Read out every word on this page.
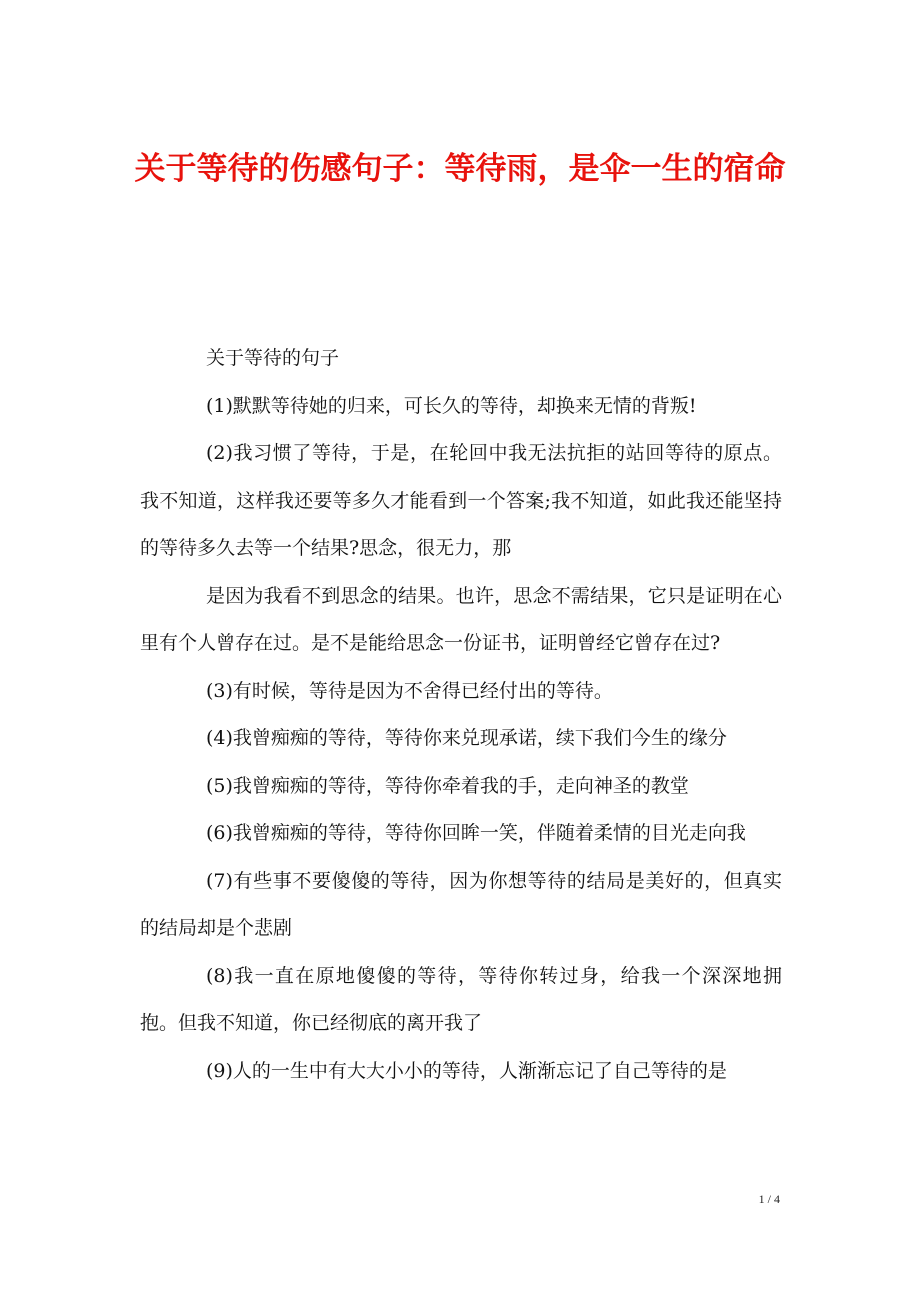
关于等待的伤感句子：等待雨，是伞一生的宿命

关于等待的句子

(1)默默等待她的归来，可长久的等待，却换来无情的背叛!

(2)我习惯了等待，于是，在轮回中我无法抗拒的站回等待的原点。我不知道，这样我还要等多久才能看到一个答案;我不知道，如此我还能坚持的等待多久去等一个结果?思念，很无力，那

是因为我看不到思念的结果。也许，思念不需结果，它只是证明在心里有个人曾存在过。是不是能给思念一份证书，证明曾经它曾存在过?

(3)有时候，等待是因为不舍得已经付出的等待。

(4)我曾痴痴的等待，等待你来兑现承诺，续下我们今生的缘分

(5)我曾痴痴的等待，等待你牵着我的手，走向神圣的教堂

(6)我曾痴痴的等待，等待你回眸一笑，伴随着柔情的目光走向我

(7)有些事不要傻傻的等待，因为你想等待的结局是美好的，但真实的结局却是个悲剧

(8)我一直在原地傻傻的等待，等待你转过身，给我一个深深地拥抱。但我不知道，你已经彻底的离开我了

(9)人的一生中有大大小小的等待，人渐渐忘记了自己等待的是

1 / 4
